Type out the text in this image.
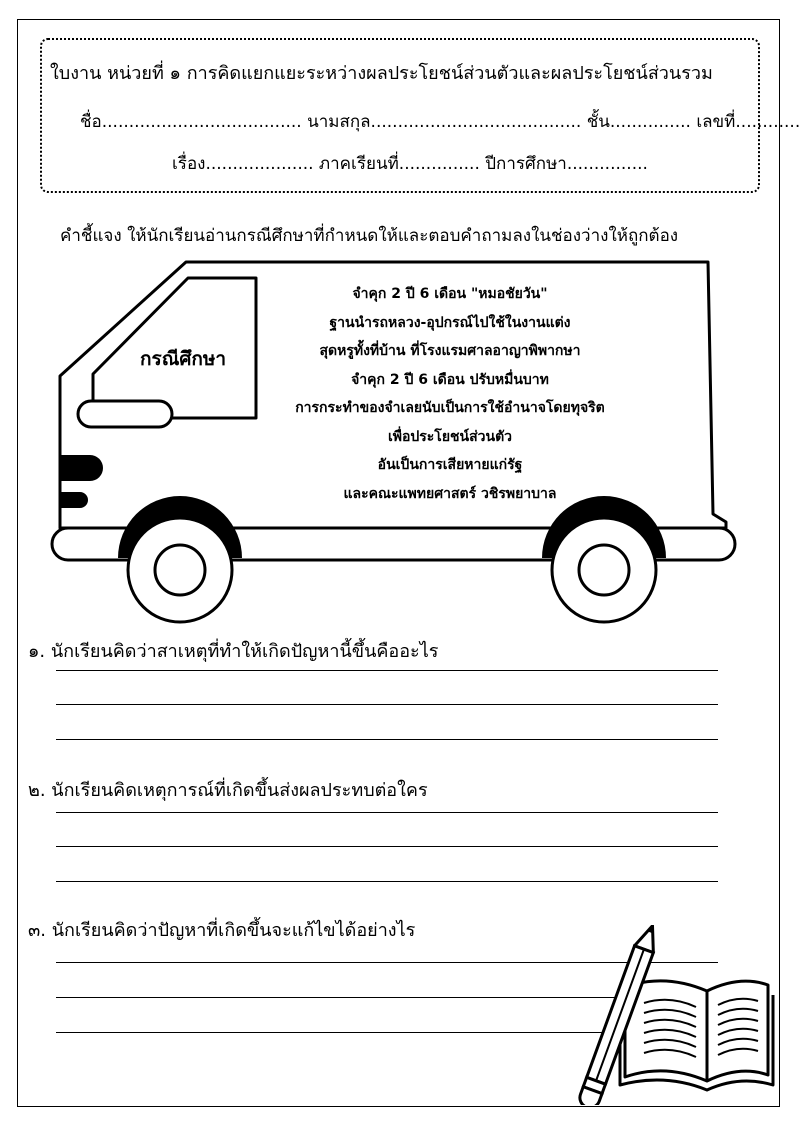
ใบงาน หน่วยที่ ๑ การคิดแยกแยะระหว่างผลประโยชน์ส่วนตัวและผลประโยชน์ส่วนรวม
ชื่อ..................................... นามสกุล....................................... ชั้น............... เลขที่............
เรื่อง.................... ภาคเรียนที่............... ปีการศึกษา...............
คำชี้แจง ให้นักเรียนอ่านกรณีศึกษาที่กำหนดให้และตอบคำถามลงในช่องว่างให้ถูกต้อง
กรณีศึกษา
จำคุก 2 ปี 6 เดือน "หมอชัยวัน"
ฐานนำรถหลวง-อุปกรณ์ไปใช้ในงานแต่ง
สุดหรูทั้งที่บ้าน ที่โรงแรมศาลอาญาพิพากษา
จำคุก 2 ปี 6 เดือน ปรับหมื่นบาท
การกระทำของจำเลยนับเป็นการใช้อำนาจโดยทุจริต
เพื่อประโยชน์ส่วนตัว
อันเป็นการเสียหายแก่รัฐ
และคณะแพทยศาสตร์ วชิรพยาบาล
๑. นักเรียนคิดว่าสาเหตุที่ทำให้เกิดปัญหานี้ขึ้นคืออะไร
๒. นักเรียนคิดเหตุการณ์ที่เกิดขึ้นส่งผลประทบต่อใคร
๓. นักเรียนคิดว่าปัญหาที่เกิดขึ้นจะแก้ไขได้อย่างไร
